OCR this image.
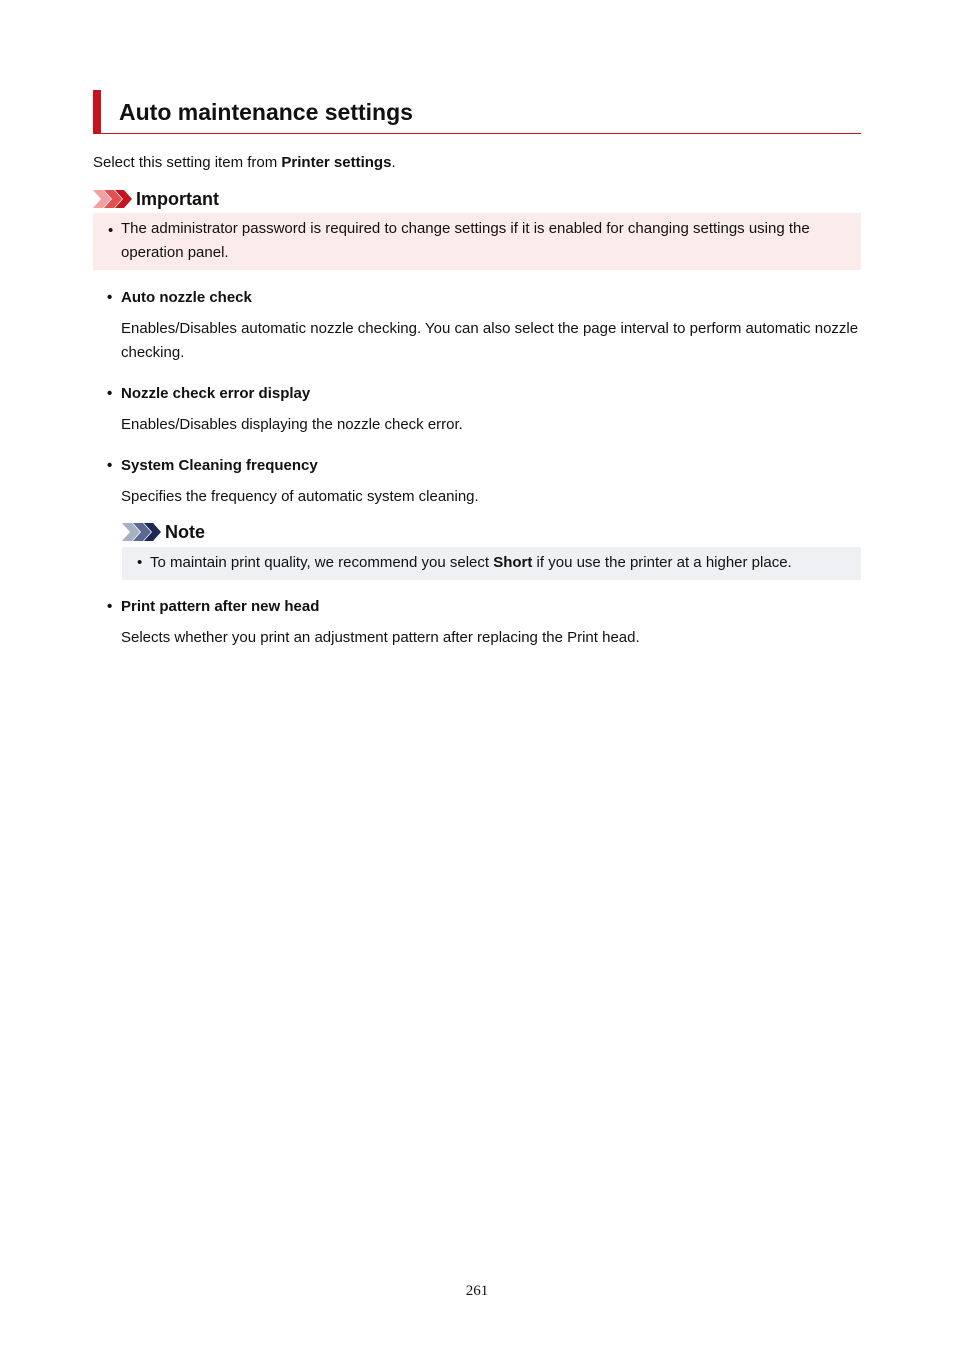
Auto maintenance settings
Select this setting item from Printer settings.
Important
• The administrator password is required to change settings if it is enabled for changing settings using the operation panel.
• Auto nozzle check
Enables/Disables automatic nozzle checking. You can also select the page interval to perform automatic nozzle checking.
• Nozzle check error display
Enables/Disables displaying the nozzle check error.
• System Cleaning frequency
Specifies the frequency of automatic system cleaning.
Note
• To maintain print quality, we recommend you select Short if you use the printer at a higher place.
• Print pattern after new head
Selects whether you print an adjustment pattern after replacing the Print head.
261
